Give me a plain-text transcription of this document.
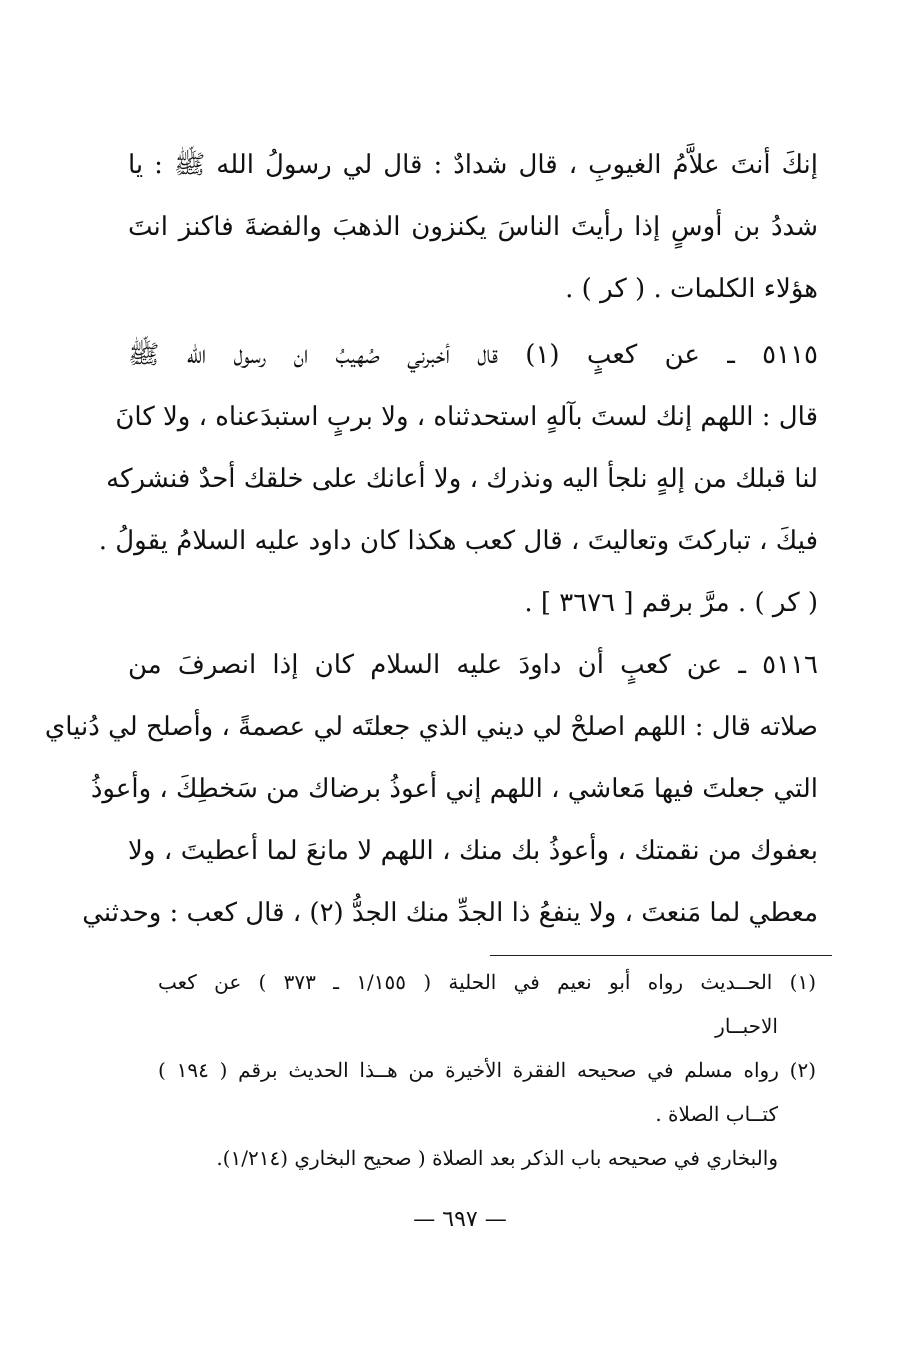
إنكَ أنتَ علاَّمُ الغيوبِ ، قال شدادٌ : قال لي رسولُ الله ﷺ : يا
شددُ بن أوسٍ إذا رأيتَ الناسَ يكنزون الذهبَ والفضةَ فاكنز انتَ
هؤلاء الكلمات . ( كر ) .
٥١١٥ ـ عن كعبٍ (١) قال أخبرني صُهيبُ ان رسول الله ﷺ
قال : اللهم إنك لستَ بآلهٍ استحدثناه ، ولا بربٍ استبدَعناه ، ولا كانَ
لنا قبلك من إلهٍ نلجأ اليه ونذرك ، ولا أعانك على خلقك أحدٌ فنشركه
فيكَ ، تباركتَ وتعاليتَ ، قال كعب هكذا كان داود عليه السلامُ يقولُ .
( كر ) . مرَّ برقم [ ٣٦٧٦ ] .
٥١١٦ ـ عن كعبٍ أن داودَ عليه السلام كان إذا انصرفَ من
صلاته قال : اللهم اصلحْ لي ديني الذي جعلتَه لي عصمةً ، وأصلح لي دُنياي
التي جعلتَ فيها مَعاشي ، اللهم إني أعوذُ برضاك من سَخطِكَ ، وأعوذُ
بعفوك من نقمتك ، وأعوذُ بك منك ، اللهم لا مانعَ لما أعطيتَ ، ولا
معطي لما مَنعتَ ، ولا ينفعُ ذا الجدِّ منك الجدُّ (٢) ، قال كعب : وحدثني
(١) الحــديث رواه أبو نعيم في الحلية ( ١/١٥٥ ـ ٣٧٣ ) عن كعب
الاحبــار
(٢) رواه مسلم في صحيحه الفقرة الأخيرة من هــذا الحديث برقم ( ١٩٤ )
كتــاب الصلاة .
والبخاري في صحيحه باب الذكر بعد الصلاة ( صحيح البخاري (١/٢١٤).
— ٦٩٧ —
